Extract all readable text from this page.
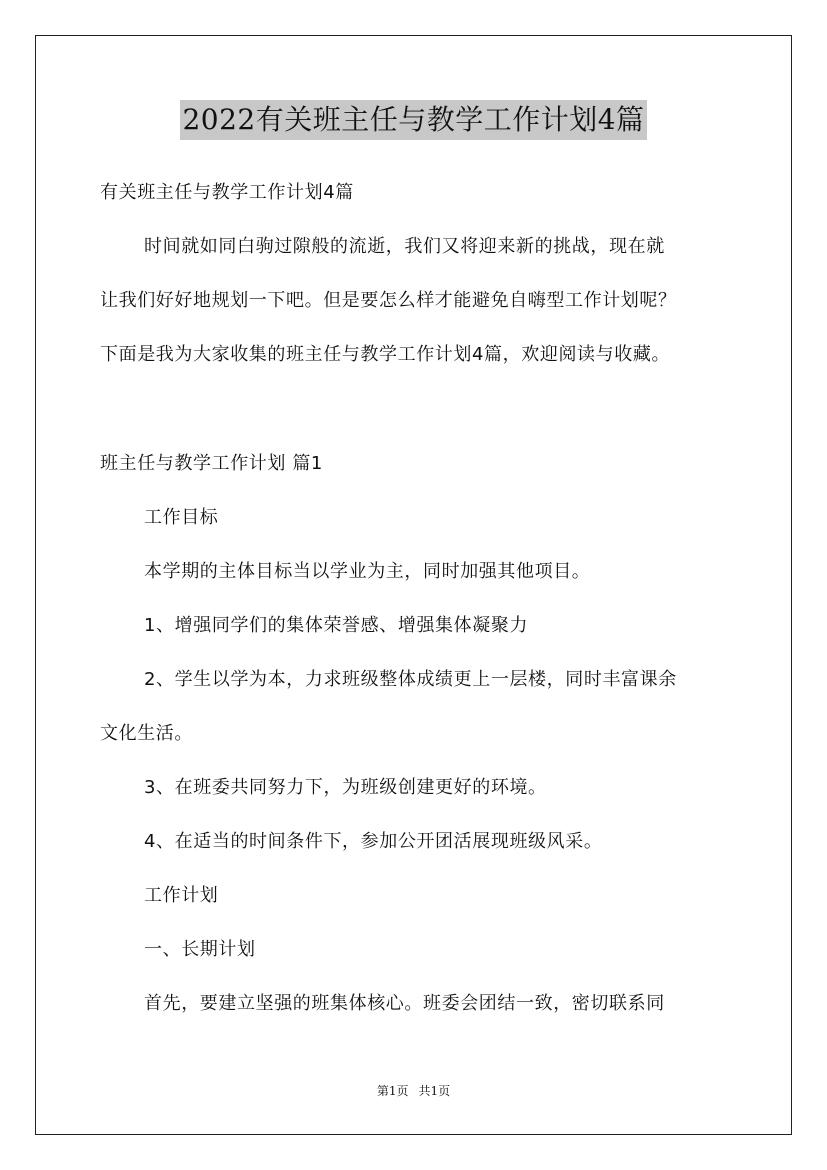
2022有关班主任与教学工作计划4篇
有关班主任与教学工作计划4篇
时间就如同白驹过隙般的流逝，我们又将迎来新的挑战，现在就
让我们好好地规划一下吧。但是要怎么样才能避免自嗨型工作计划呢？
下面是我为大家收集的班主任与教学工作计划4篇，欢迎阅读与收藏。
班主任与教学工作计划 篇1
工作目标
本学期的主体目标当以学业为主，同时加强其他项目。
1、增强同学们的集体荣誉感、增强集体凝聚力
2、学生以学为本，力求班级整体成绩更上一层楼，同时丰富课余
文化生活。
3、在班委共同努力下，为班级创建更好的环境。
4、在适当的时间条件下，参加公开团活展现班级风采。
工作计划
一、长期计划
首先，要建立坚强的班集体核心。班委会团结一致，密切联系同
第1页 共1页
